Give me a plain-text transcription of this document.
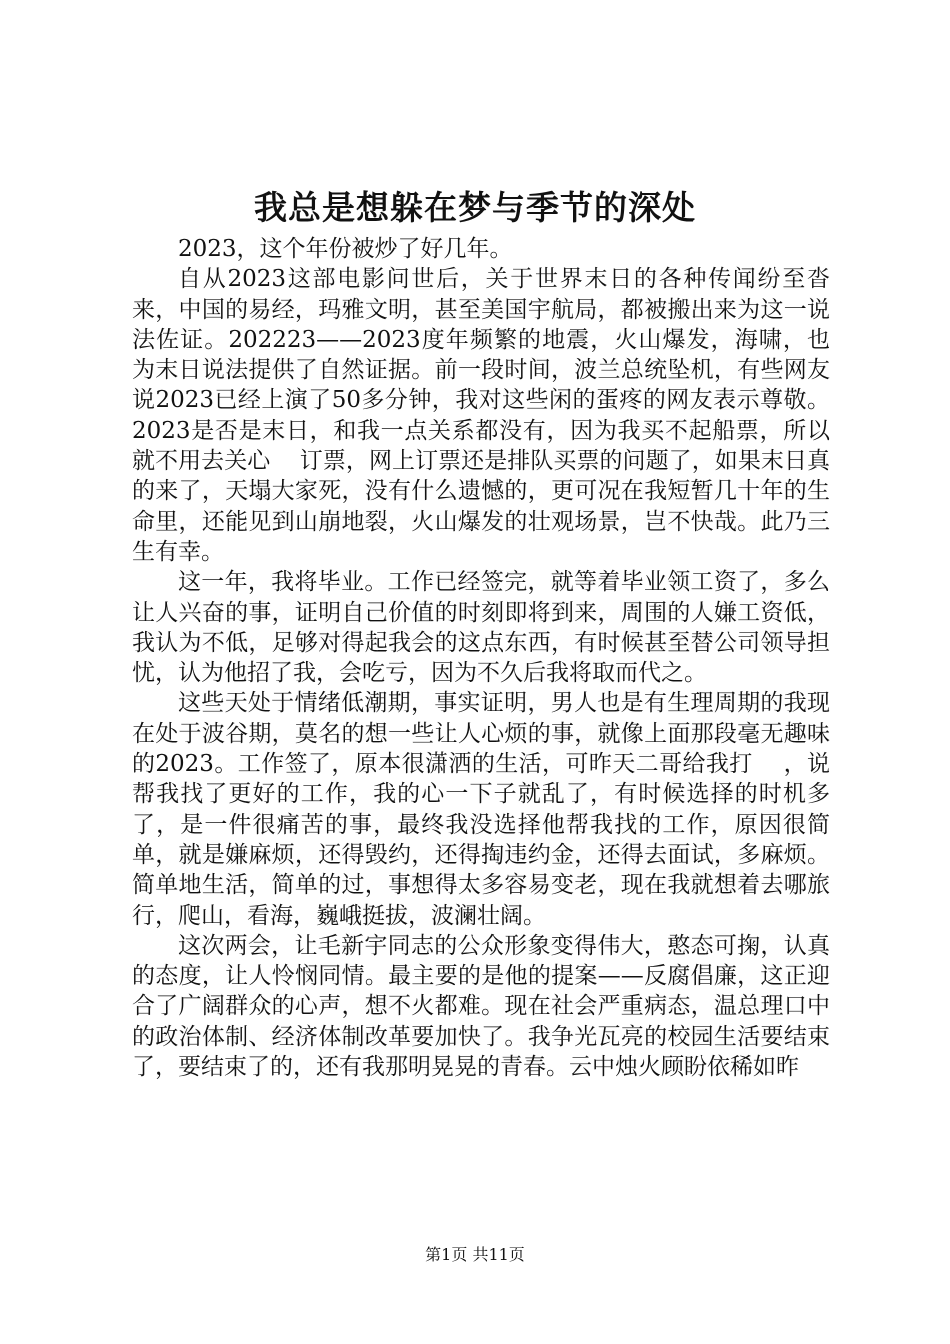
我总是想躲在梦与季节的深处

2023，这个年份被炒了好几年。

自从2023这部电影问世后，关于世界末日的各种传闻纷至沓来，中国的易经，玛雅文明，甚至美国宇航局，都被搬出来为这一说法佐证。202223——2023度年频繁的地震，火山爆发，海啸，也为末日说法提供了自然证据。前一段时间，波兰总统坠机，有些网友说2023已经上演了50多分钟，我对这些闲的蛋疼的网友表示尊敬。2023是否是末日，和我一点关系都没有，因为我买不起船票，所以就不用去关心    订票，网上订票还是排队买票的问题了，如果末日真的来了，天塌大家死，没有什么遗憾的，更可况在我短暂几十年的生命里，还能见到山崩地裂，火山爆发的壮观场景，岂不快哉。此乃三生有幸。

这一年，我将毕业。工作已经签完，就等着毕业领工资了，多么让人兴奋的事，证明自己价值的时刻即将到来，周围的人嫌工资低，我认为不低，足够对得起我会的这点东西，有时候甚至替公司领导担忧，认为他招了我，会吃亏，因为不久后我将取而代之。

这些天处于情绪低潮期，事实证明，男人也是有生理周期的我现在处于波谷期，莫名的想一些让人心烦的事，就像上面那段毫无趣味的2023。工作签了，原本很潇洒的生活，可昨天二哥给我打    ，说帮我找了更好的工作，我的心一下子就乱了，有时候选择的时机多了，是一件很痛苦的事，最终我没选择他帮我找的工作，原因很简单，就是嫌麻烦，还得毁约，还得掏违约金，还得去面试，多麻烦。简单地生活，简单的过，事想得太多容易变老，现在我就想着去哪旅行，爬山，看海，巍峨挺拔，波澜壮阔。

这次两会，让毛新宇同志的公众形象变得伟大，憨态可掬，认真的态度，让人怜悯同情。最主要的是他的提案——反腐倡廉，这正迎合了广阔群众的心声，想不火都难。现在社会严重病态，温总理口中的政治体制、经济体制改革要加快了。我争光瓦亮的校园生活要结束了，要结束了的，还有我那明晃晃的青春。云中烛火顾盼依稀如昨

第1页 共11页
